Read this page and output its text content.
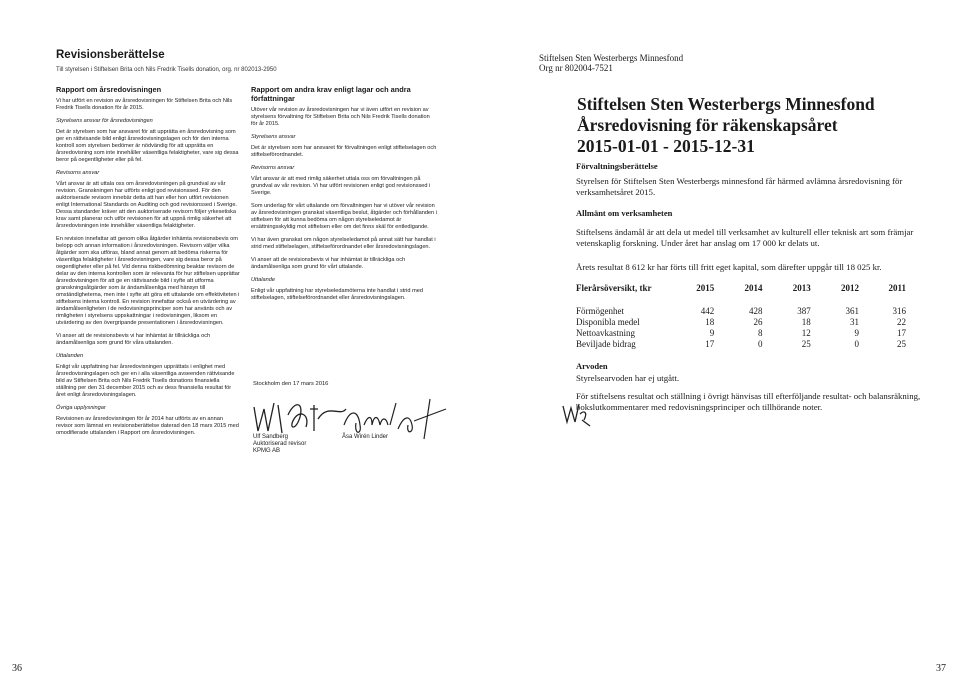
Revisionsberättelse
Till styrelsen i Stiftelsen Brita och Nils Fredrik Tisells donation, org. nr 802013-2950
Rapport om årsredovisningen

Vi har utfört en revision av årsredovisningen för Stiftelsen Brita och Nils Fredrik Tisells donation för år 2015.

Styrelsens ansvar för årsredovisningen

Det är styrelsen som har ansvaret för att upprätta en årsredovisning som ger en rättvisande bild enligt årsredovisningslagen och för den interna kontroll som styrelsen bedömer är nödvändig för att upprätta en årsredovisning som inte innehåller väsentliga felaktigheter, vare sig dessa beror på oegentligheter eller på fel.

Revisorns ansvar

Vårt ansvar är att uttala oss om årsredovisningen på grundval av vår revision. Granskningen har utförts enligt god revisionssed. För den auktoriserade revisorn innebär detta att han eller hon utfört revisionen enligt International Standards on Auditing och god revisionssed i Sverige. Dessa standarder kräver att den auktoriserade revisorn följer yrkesetiska krav samt planerar och utför revisionen för att uppnå rimlig säkerhet att årsredovisningen inte innehåller väsentliga felaktigheter.

En revision innefattar att genom olika åtgärder inhämta revisionsbevis om belopp och annan information i årsredovisningen. Revisorn väljer vilka åtgärder som ska utföras, bland annat genom att bedöma riskerna för väsentliga felaktigheter i årsredovisningen, vare sig dessa beror på oegentligheter eller på fel. Vid denna riskbedömning beaktar revisorn de delar av den interna kontrollen som är relevanta för hur stiftelsen upprättar årsredovisningen för att ge en rättvisande bild i syfte att utforma granskningsåtgärder som är ändamålsenliga med hänsyn till omständigheterna, men inte i syfte att göra ett uttalande om effektiviteten i stiftelsens interna kontroll. En revision innefattar också en utvärdering av ändamålsenligheten i de redovisningsprinciper som har använts och av rimligheten i styrelsens uppskattningar i redovisningen, liksom en utvärdering av den övergripande presentationen i årsredovisningen.

Vi anser att de revisionsbevis vi har inhämtat är tillräckliga och ändamålsenliga som grund för våra uttalanden.

Uttalanden

Enligt vår uppfattning har årsredovisningen upprättats i enlighet med årsredovisningslagen och ger en i alla väsentliga avseenden rättvisande bild av Stiftelsen Brita och Nils Fredrik Tisells donations finansiella ställning per den 31 december 2015 och av dess finansiella resultat för året enligt årsredovisningslagen.

Övriga upplysningar

Revisionen av årsredovisningen för år 2014 har utförts av en annan revisor som lämnat en revisionsberättelse daterad den 18 mars 2015 med omodifierade uttalanden i Rapport om årsredovisningen.

Rapport om andra krav enligt lagar och andra författningar

Utöver vår revision av årsredovisningen har vi även utfört en revision av styrelsens förvaltning för Stiftelsen Brita och Nils Fredrik Tisells donation för år 2015.

Styrelsens ansvar

Det är styrelsen som har ansvaret för förvaltningen enligt stiftelselagen och stiftelseförordnandet.

Revisorns ansvar

Vårt ansvar är att med rimlig säkerhet uttala oss om förvaltningen på grundval av vår revision. Vi har utfört revisionen enligt god revisionssed i Sverige.

Som underlag för vårt uttalande om förvaltningen har vi utöver vår revision av årsredovisningen granskat väsentliga beslut, åtgärder och förhållanden i stiftelsen för att kunna bedöma om någon styrelseledamot är ersättningsskyldig mot stiftelsen eller om det finns skäl för entledigande.

Vi har även granskat om någon styrelseledamot på annat sätt har handlat i strid med stiftelselagen, stiftelseförordnandet eller årsredovisningslagen.

Vi anser att de revisionsbevis vi har inhämtat är tillräckliga och ändamålsenliga som grund för vårt uttalande.

Uttalande

Enligt vår uppfattning har styrelseledamöterna inte handlat i strid med stiftelselagen, stiftelseförordnandet eller årsredovisningslagen.

Stockholm den 17 mars 2016
Ulf Sandberg
Auktoriserad revisor
KPMG AB
Åsa Wirén Linder
36
Stiftelsen Sten Westerbergs Minnesfond
Org nr 802004-7521
Stiftelsen Sten Westerbergs Minnesfond
Årsredovisning för räkenskapsåret
2015-01-01 - 2015-12-31
Förvaltningsberättelse
Styrelsen för Stiftelsen Sten Westerbergs minnesfond får härmed avlämna årsredovisning för verksamhetsåret 2015.
Allmänt om verksamheten
Stiftelsens ändamål är att dela ut medel till verksamhet av kulturell eller teknisk art som främjar vetenskaplig forskning. Under året har anslag om 17 000 kr delats ut.
Årets resultat 8 612 kr har förts till fritt eget kapital, som därefter uppgår till 18 025 kr.
37
Arvoden
Styrelsearvoden har ej utgått.
För stiftelsens resultat och ställning i övrigt hänvisas till efterföljande resultat- och balansräkning, bokslutkommentarer med redovisningsprinciper och tillhörande noter.
Flerårsöversikt, tkr	2015	2014	2013	2012	2011

Förmögenhet	442	428	387	361	316
Disponibla medel	18	26	18	31	22
Nettoavkastning	9	8	12	9	17
Beviljade bidrag	17	0	25	0	25
